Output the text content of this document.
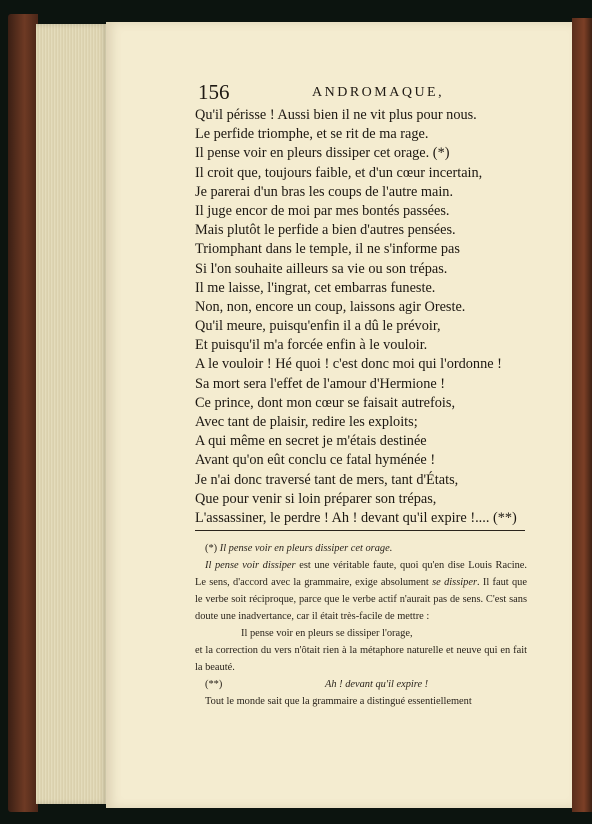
156	ANDROMAQUE,
Qu'il périsse ! Aussi bien il ne vit plus pour nous.
Le perfide triomphe, et se rit de ma rage.
Il pense voir en pleurs dissiper cet orage. (*)
Il croit que, toujours faible, et d'un cœur incertain,
Je parerai d'un bras les coups de l'autre main.
Il juge encor de moi par mes bontés passées.
Mais plutôt le perfide a bien d'autres pensées.
Triomphant dans le temple, il ne s'informe pas
Si l'on souhaite ailleurs sa vie ou son trépas.
Il me laisse, l'ingrat, cet embarras funeste.
Non, non, encore un coup, laissons agir Oreste.
Qu'il meure, puisqu'enfin il a dû le prévoir,
Et puisqu'il m'a forcée enfin à le vouloir.
A le vouloir ! Hé quoi ! c'est donc moi qui l'ordonne !
Sa mort sera l'effet de l'amour d'Hermione !
Ce prince, dont mon cœur se faisait autrefois,
Avec tant de plaisir, redire les exploits;
A qui même en secret je m'étais destinée
Avant qu'on eût conclu ce fatal hyménée !
Je n'ai donc traversé tant de mers, tant d'États,
Que pour venir si loin préparer son trépas,
L'assassiner, le perdre ! Ah ! devant qu'il expire !.... (**)
(*) Il pense voir en pleurs dissiper cet orage.
Il pense voir dissiper est une véritable faute, quoi qu'en dise Louis Racine. Le sens, d'accord avec la grammaire, exige absolument se dissiper. Il faut que le verbe soit réciproque, parce que le verbe actif n'aurait pas de sens. C'est sans doute une inadvertance, car il était très-facile de mettre :
Il pense voir en pleurs se dissiper l'orage,
et la correction du vers n'ôtait rien à la métaphore naturelle et neuve qui en fait la beauté.
(**)	Ah ! devant qu'il expire !
Tout le monde sait que la grammaire a distingué essentiellement
